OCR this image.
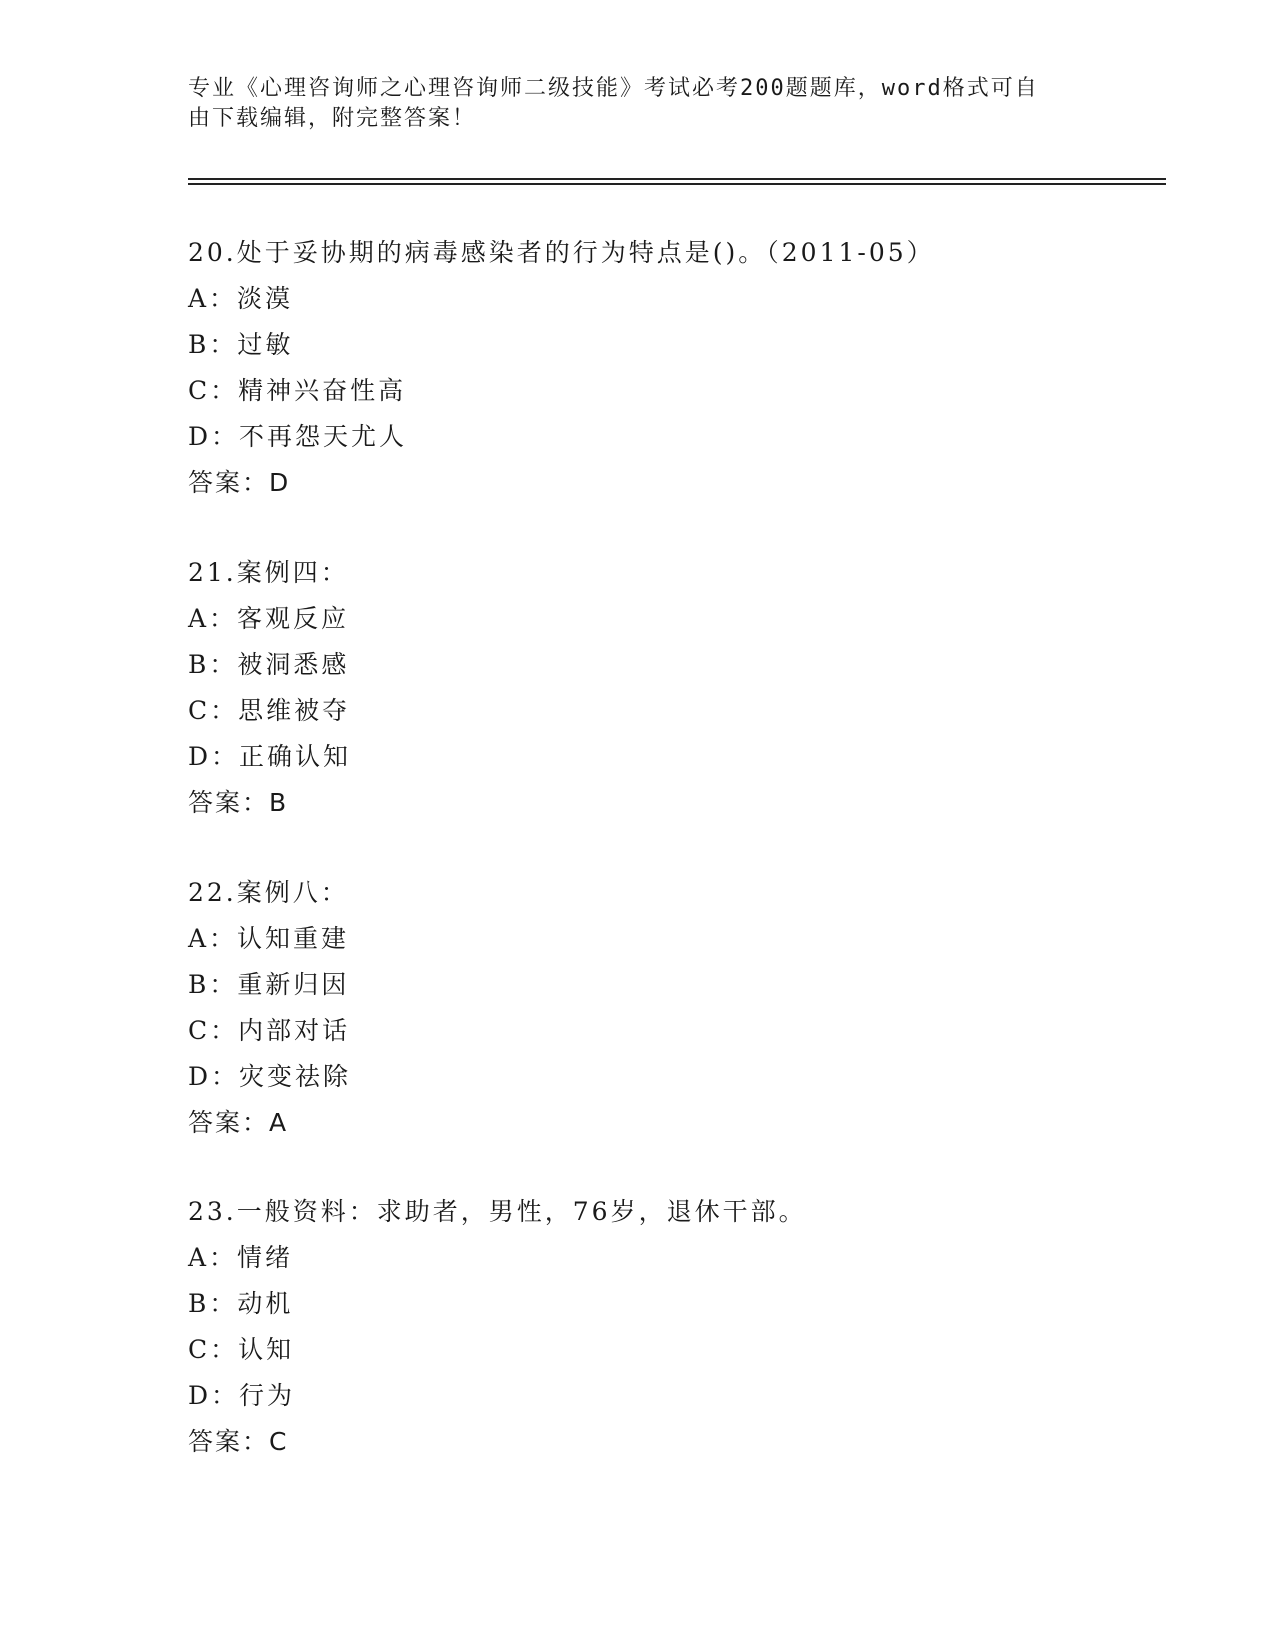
专业《心理咨询师之心理咨询师二级技能》考试必考200题题库，word格式可自
由下载编辑，附完整答案！
20.处于妥协期的病毒感染者的行为特点是()。（2011-05）
A：淡漠
B：过敏
C：精神兴奋性高
D：不再怨天尤人
答案：D
21.案例四：
A：客观反应
B：被洞悉感
C：思维被夺
D：正确认知
答案：B
22.案例八：
A：认知重建
B：重新归因
C：内部对话
D：灾变祛除
答案：A
23.一般资料：求助者，男性，76岁，退休干部。
A：情绪
B：动机
C：认知
D：行为
答案：C
